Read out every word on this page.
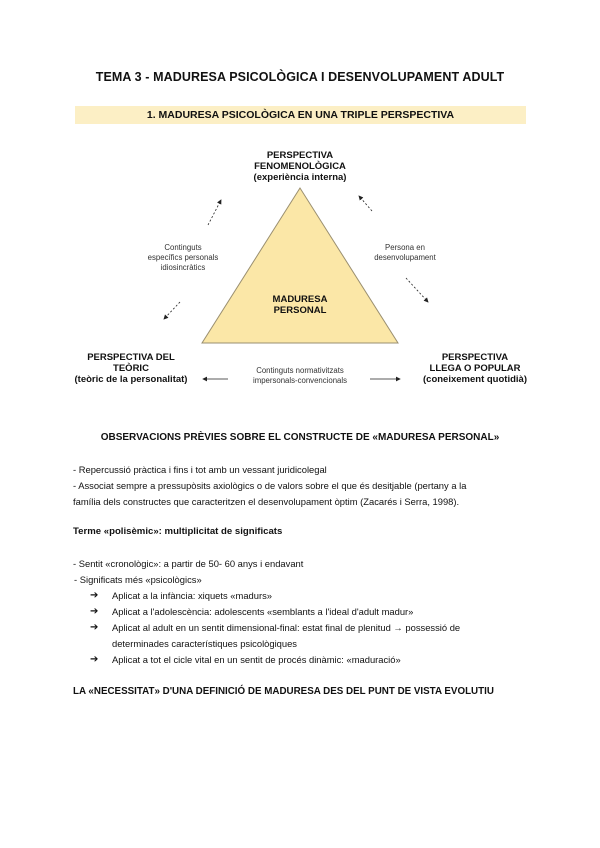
TEMA 3 - MADURESA PSICOLÒGICA I DESENVOLUPAMENT ADULT
1. MADURESA PSICOLÒGICA EN UNA TRIPLE PERSPECTIVA
PERSPECTIVA
FENOMENOLÒGICA
(experiència interna)
MADURESA
PERSONAL
Continguts
específics personals
idiosincràtics
Persona en
desenvolupament
PERSPECTIVA DEL
TEÒRIC
(teòric de la personalitat)
PERSPECTIVA
LLEGA O POPULAR
(coneixement quotidià)
Continguts normativitzats
impersonals-convencionals
OBSERVACIONS PRÈVIES SOBRE EL CONSTRUCTE DE «MADURESA PERSONAL»
- Repercussió pràctica i fins i tot amb un vessant juridicolegal
- Associat sempre a pressupòsits axiològics o de valors sobre el que és desitjable (pertany a la
família dels constructes que caracteritzen el desenvolupament òptim (Zacarés i Serra, 1998).
Terme «polisèmic»: multiplicitat de significats
- Sentit «cronològic»: a partir de 50- 60 anys i endavant
- Significats més «psicològics»
➔ Aplicat a la infància: xiquets «madurs»
➔ Aplicat a l'adolescència: adolescents «semblants a l'ideal d'adult madur»
➔ Aplicat al adult en un sentit dimensional-final: estat final de plenitud → possessió de
determinades característiques psicològiques
➔ Aplicat a tot el cicle vital en un sentit de procés dinàmic: «maduració»
LA «NECESSITAT» D'UNA DEFINICIÓ DE MADURESA DES DEL PUNT DE VISTA EVOLUTIU
